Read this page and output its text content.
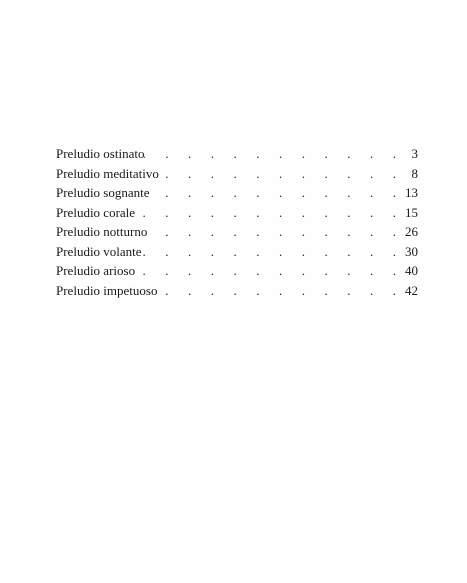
Preludio ostinato .	3
Preludio meditativo .	8
Preludio sognante .	13
Preludio corale .	15
Preludio notturno .	26
Preludio volante .	30
Preludio arioso .	40
Preludio impetuoso .	42
